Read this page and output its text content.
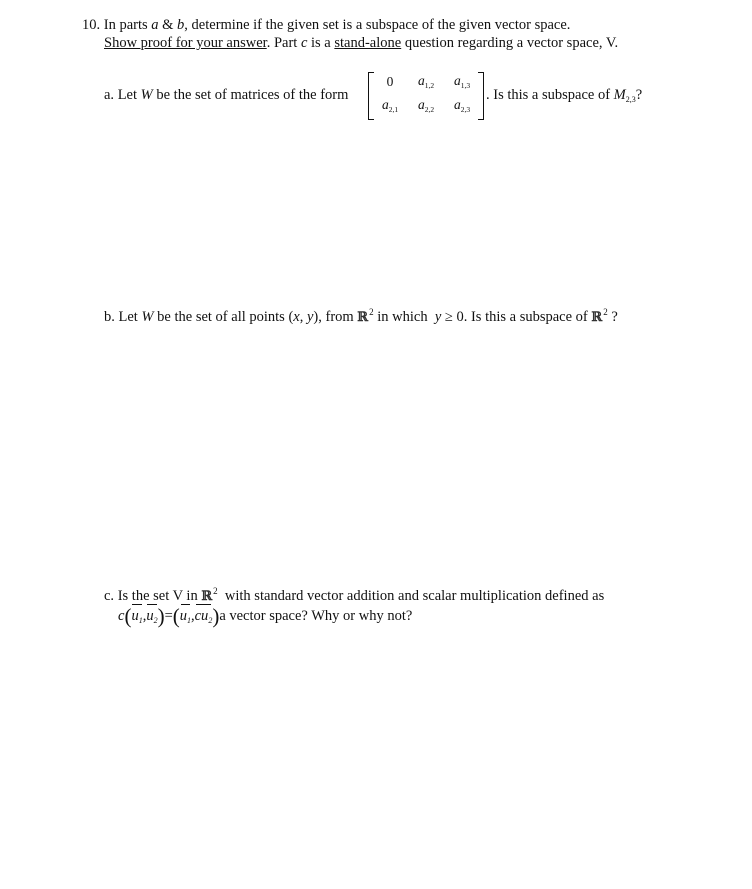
10. In parts a & b, determine if the given set is a subspace of the given vector space.
Show proof for your answer. Part c is a stand-alone question regarding a vector space, V.
a. Let W be the set of matrices of the form
0	$a_{1,2}$	$a_{1,3}$
$a_{2,1}$	$a_{2,2}$	$a_{2,3}$
. Is this a subspace of $M_{2,3}$?
b. Let W be the set of all points (x, y), from ℝ$^2$ in which  y ≥ 0. Is this a subspace of ℝ$^2$ ?
c. Is the set V in ℝ$^2$  with standard vector addition and scalar multiplication defined as
$c(u_1,u_2)=(u_1,cu_2)a$ vector space? Why or why not?
